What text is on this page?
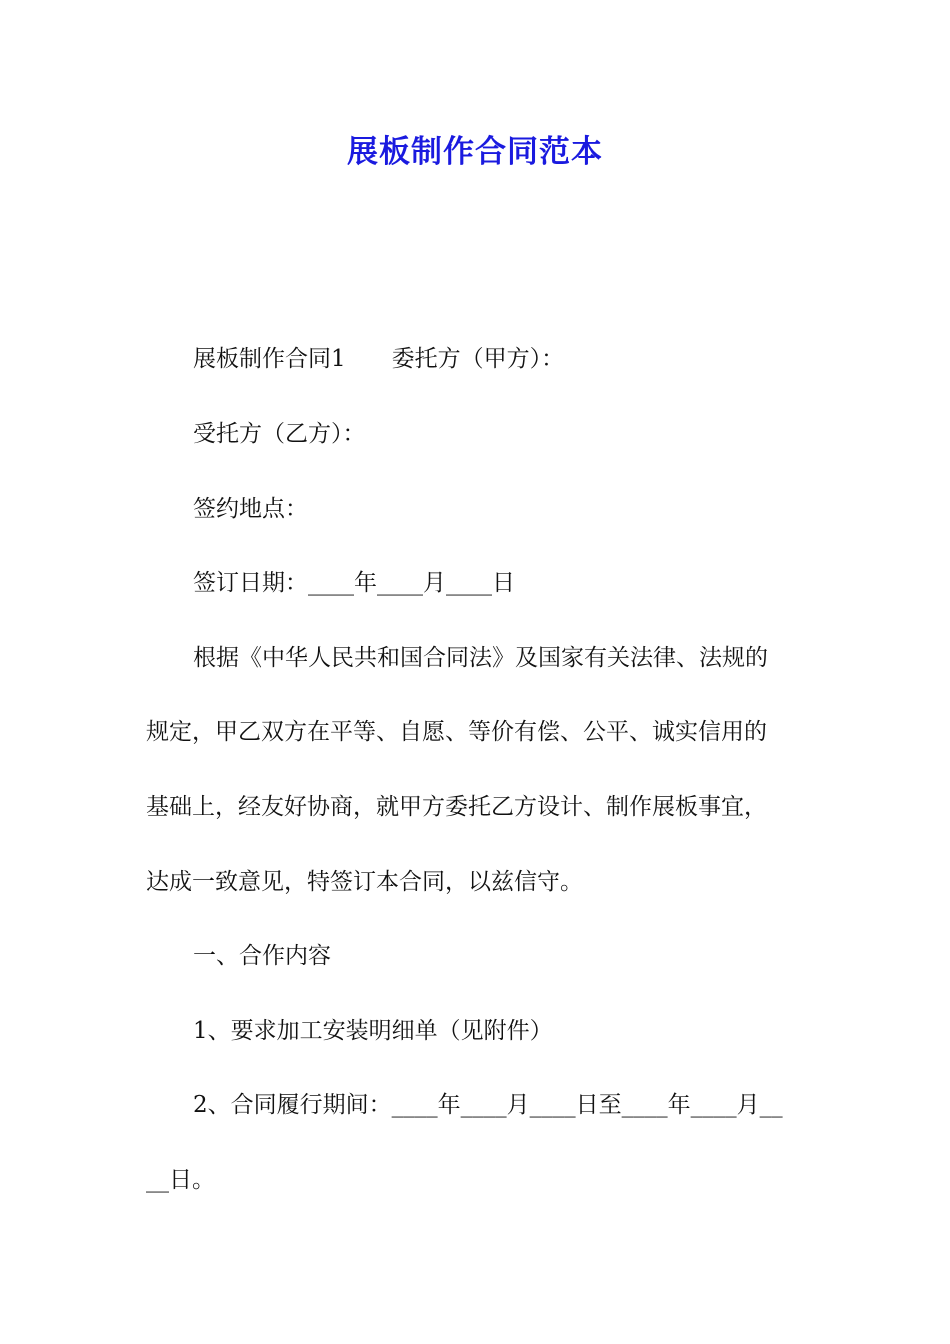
展板制作合同范本
展板制作合同1 委托方（甲方）：
受托方（乙方）：
签约地点：
签订日期：____年____月____日
根据《中华人民共和国合同法》及国家有关法律、法规的
规定，甲乙双方在平等、自愿、等价有偿、公平、诚实信用的
基础上，经友好协商，就甲方委托乙方设计、制作展板事宜，
达成一致意见，特签订本合同，以兹信守。
一、合作内容
1、要求加工安装明细单（见附件）
2、合同履行期间：____年____月____日至____年____月__
__日。
